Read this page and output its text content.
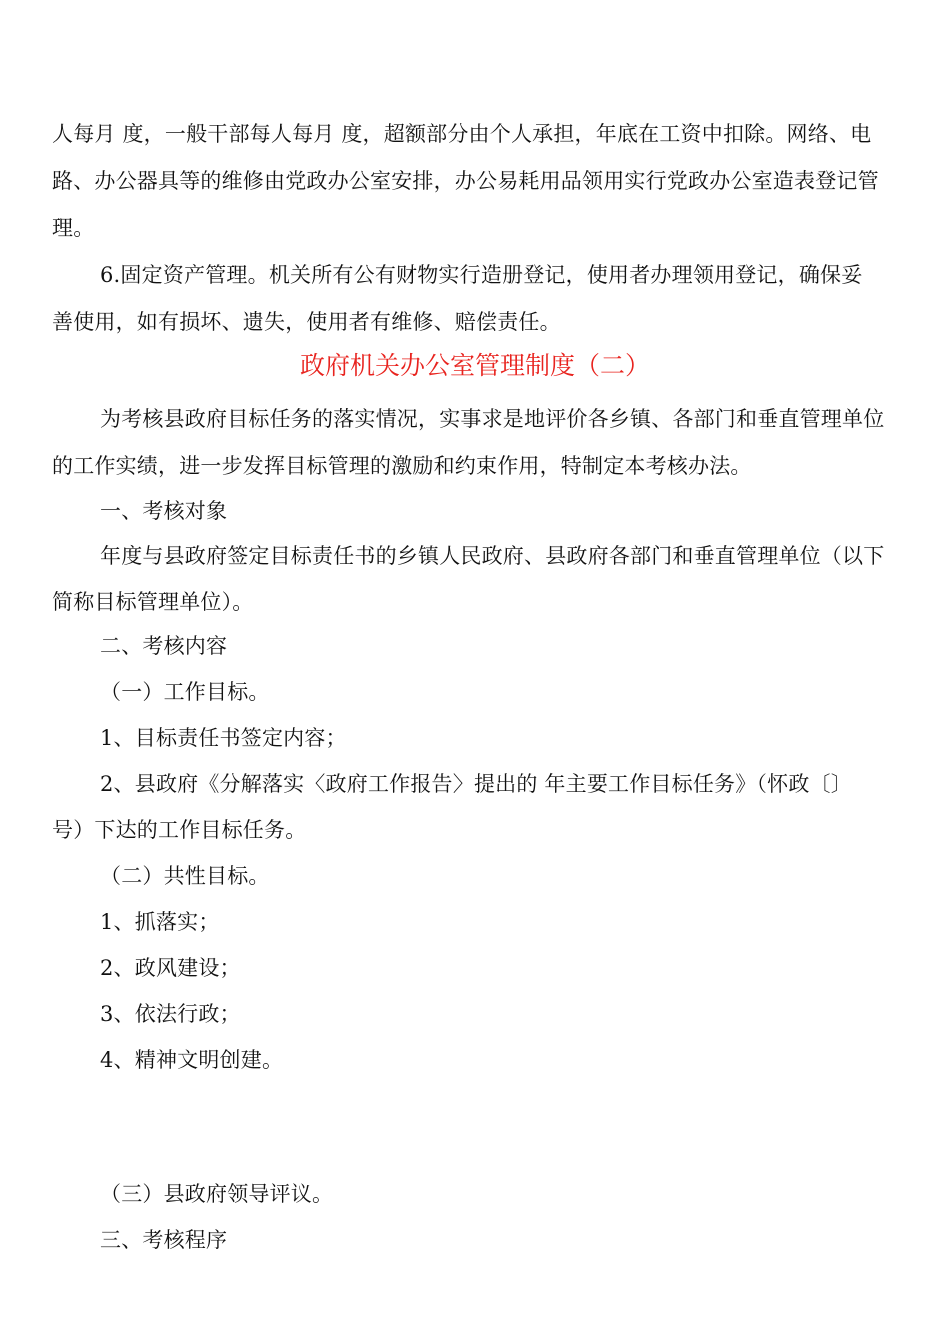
人每月 度，一般干部每人每月 度，超额部分由个人承担，年底在工资中扣除。网络、电
路、办公器具等的维修由党政办公室安排，办公易耗用品领用实行党政办公室造表登记管
理。
6.固定资产管理。机关所有公有财物实行造册登记，使用者办理领用登记，确保妥
善使用，如有损坏、遗失，使用者有维修、赔偿责任。
政府机关办公室管理制度（二）
为考核县政府目标任务的落实情况，实事求是地评价各乡镇、各部门和垂直管理单位
的工作实绩，进一步发挥目标管理的激励和约束作用，特制定本考核办法。
一、考核对象
年度与县政府签定目标责任书的乡镇人民政府、县政府各部门和垂直管理单位（以下
简称目标管理单位）。
二、考核内容
（一）工作目标。
1、目标责任书签定内容；
2、县政府《分解落实〈政府工作报告〉提出的 年主要工作目标任务》（怀政〔〕
号）下达的工作目标任务。
（二）共性目标。
1、抓落实；
2、政风建设；
3、依法行政；
4、精神文明创建。
（三）县政府领导评议。
三、考核程序
